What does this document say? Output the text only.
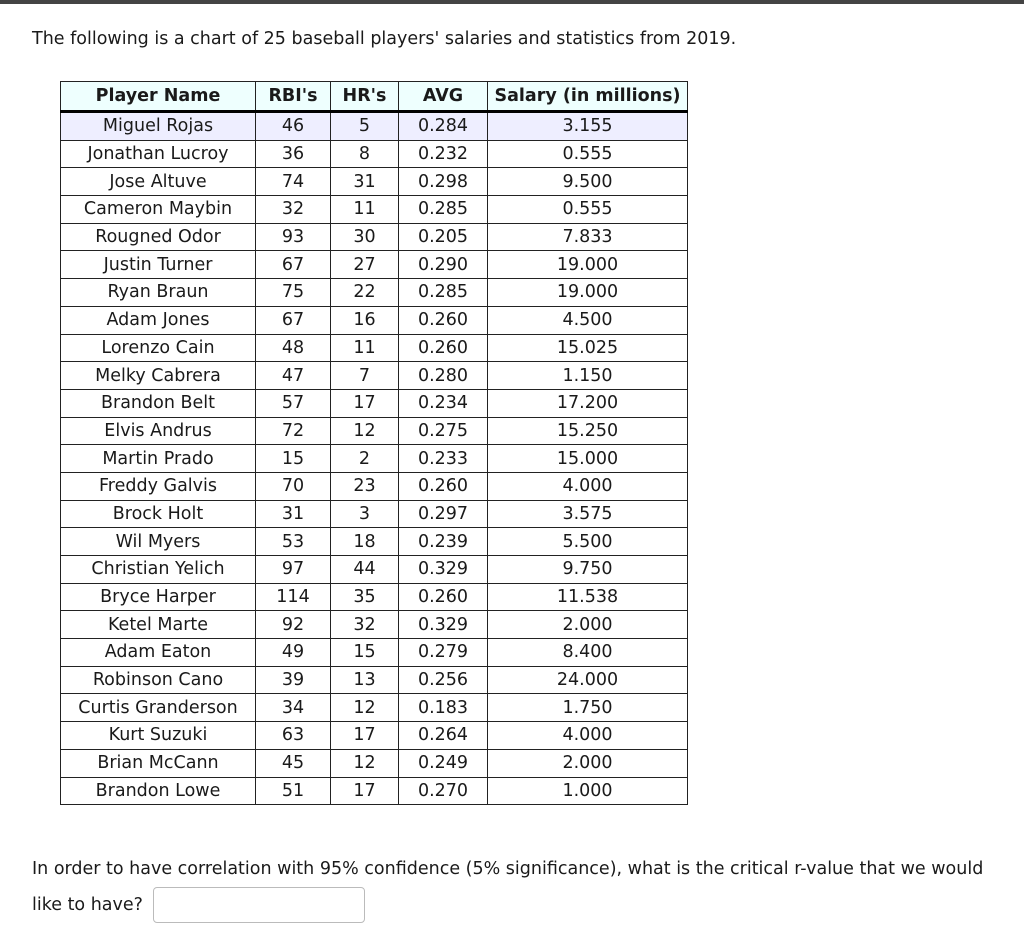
The following is a chart of 25 baseball players' salaries and statistics from 2019.
Player Name	RBI's	HR's	AVG	Salary (in millions)
Miguel Rojas	46	5	0.284	3.155
Jonathan Lucroy	36	8	0.232	0.555
Jose Altuve	74	31	0.298	9.500
Cameron Maybin	32	11	0.285	0.555
Rougned Odor	93	30	0.205	7.833
Justin Turner	67	27	0.290	19.000
Ryan Braun	75	22	0.285	19.000
Adam Jones	67	16	0.260	4.500
Lorenzo Cain	48	11	0.260	15.025
Melky Cabrera	47	7	0.280	1.150
Brandon Belt	57	17	0.234	17.200
Elvis Andrus	72	12	0.275	15.250
Martin Prado	15	2	0.233	15.000
Freddy Galvis	70	23	0.260	4.000
Brock Holt	31	3	0.297	3.575
Wil Myers	53	18	0.239	5.500
Christian Yelich	97	44	0.329	9.750
Bryce Harper	114	35	0.260	11.538
Ketel Marte	92	32	0.329	2.000
Adam Eaton	49	15	0.279	8.400
Robinson Cano	39	13	0.256	24.000
Curtis Granderson	34	12	0.183	1.750
Kurt Suzuki	63	17	0.264	4.000
Brian McCann	45	12	0.249	2.000
Brandon Lowe	51	17	0.270	1.000
In order to have correlation with 95% confidence (5% significance), what is the critical r-value that we would like to have?
